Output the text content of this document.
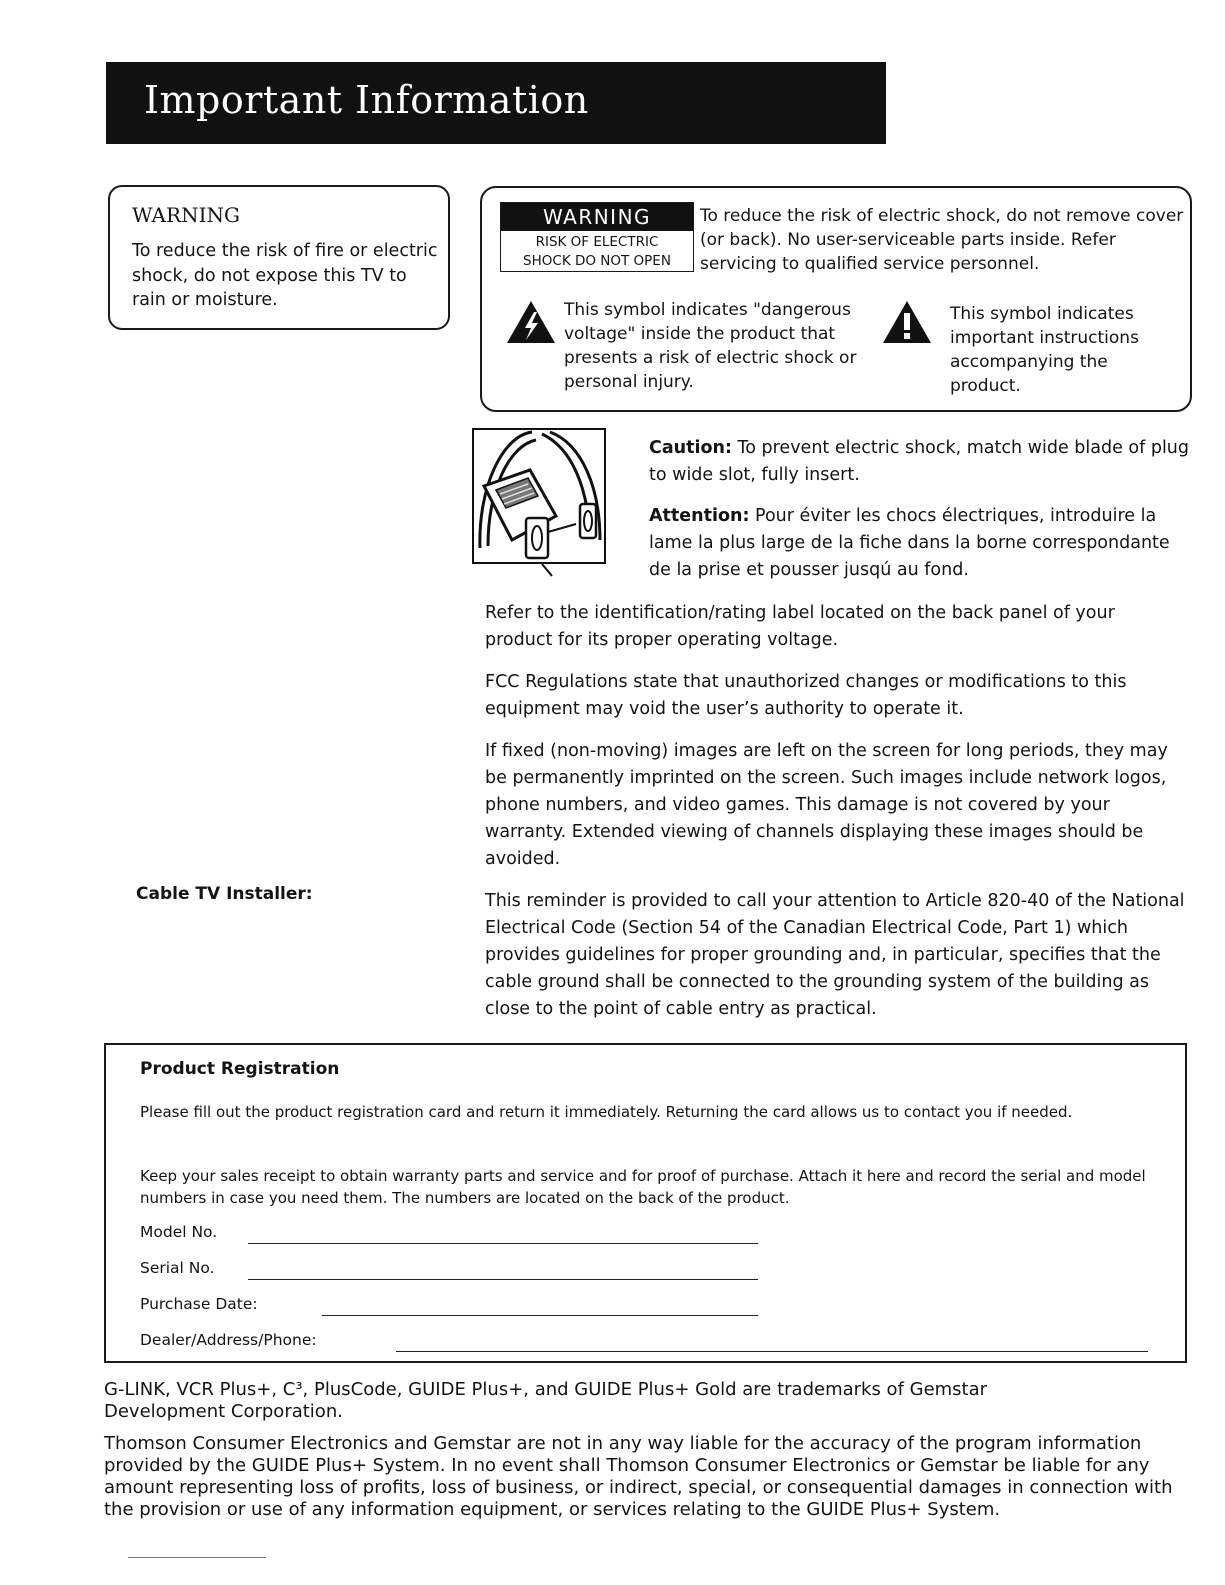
Important Information
WARNING
To reduce the risk of fire or electric shock, do not expose this TV to rain or moisture.
WARNING
RISK OF ELECTRIC
SHOCK DO NOT OPEN
To reduce the risk of electric shock, do not remove cover (or back). No user-serviceable parts inside. Refer servicing to qualified service personnel.
This symbol indicates "dangerous voltage" inside the product that presents a risk of electric shock or personal injury.
This symbol indicates important instructions accompanying the product.
Caution: To prevent electric shock, match wide blade of plug to wide slot, fully insert.
Attention: Pour éviter les chocs électriques, introduire la lame la plus large de la fiche dans la borne correspondante de la prise et pousser jusqú au fond.
Refer to the identification/rating label located on the back panel of your product for its proper operating voltage.
FCC Regulations state that unauthorized changes or modifications to this equipment may void the user’s authority to operate it.
If fixed (non-moving) images are left on the screen for long periods, they may be permanently imprinted on the screen. Such images include network logos, phone numbers, and video games. This damage is not covered by your warranty. Extended viewing of channels displaying these images should be avoided.
Cable TV Installer:	This reminder is provided to call your attention to Article 820-40 of the National Electrical Code (Section 54 of the Canadian Electrical Code, Part 1) which provides guidelines for proper grounding and, in particular, specifies that the cable ground shall be connected to the grounding system of the building as close to the point of cable entry as practical.
Product Registration
Please fill out the product registration card and return it immediately. Returning the card allows us to contact you if needed.
Keep your sales receipt to obtain warranty parts and service and for proof of purchase. Attach it here and record the serial and model numbers in case you need them. The numbers are located on the back of the product.
Model No.
Serial No.
Purchase Date:
Dealer/Address/Phone:
G-LINK, VCR Plus+, C³, PlusCode, GUIDE Plus+, and GUIDE Plus+ Gold are trademarks of Gemstar Development Corporation.
Thomson Consumer Electronics and Gemstar are not in any way liable for the accuracy of the program information provided by the GUIDE Plus+ System. In no event shall Thomson Consumer Electronics or Gemstar be liable for any amount representing loss of profits, loss of business, or indirect, special, or consequential damages in connection with the provision or use of any information equipment, or services relating to the GUIDE Plus+ System.
